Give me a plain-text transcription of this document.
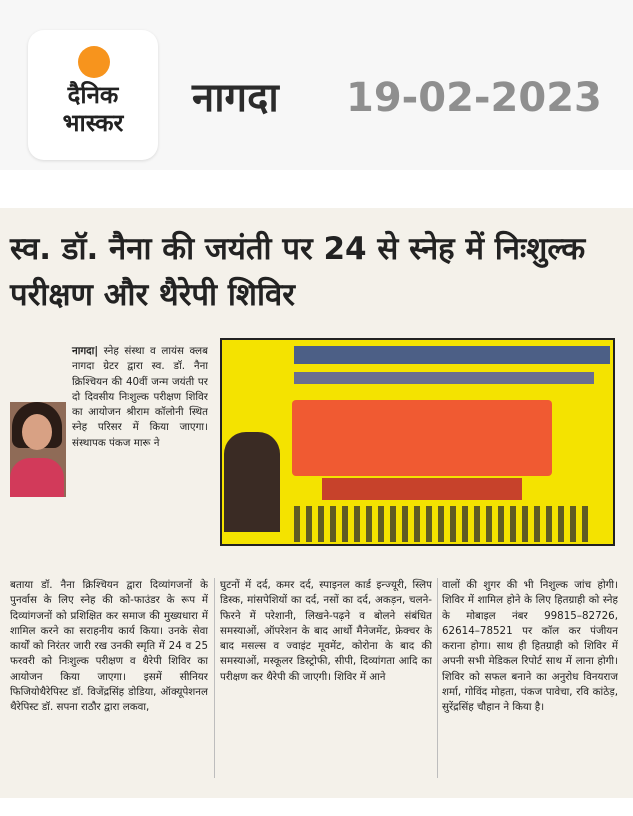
दैनिक
भास्कर
नागदा 19-02-2023
स्व. डॉ. नैना की जयंती पर 24 से स्नेह में निःशुल्क परीक्षण और थैरेपी शिविर
नागदा| स्नेह संस्था व लायंस क्लब नागदा ग्रेटर द्वारा स्व. डॉ. नैना क्रिश्चियन की 40वीं जन्म जयंती पर दो दिवसीय निःशुल्क परीक्षण शिविर का आयोजन श्रीराम कॉलोनी स्थित स्नेह परिसर में किया जाएगा। संस्थापक पंकज मारू ने
बताया डॉ. नैना क्रिश्चियन द्वारा दिव्यांगजनों के पुनर्वास के लिए स्नेह की को-फाउंडर के रूप में दिव्यांगजनों को प्रशिक्षित कर समाज की मुख्यधारा में शामिल करने का सराहनीय कार्य किया। उनके सेवा कार्यों को निरंतर जारी रख उनकी स्मृति में 24 व 25 फरवरी को निःशुल्क परीक्षण व थैरेपी शिविर का आयोजन किया जाएगा। इसमें सीनियर फिजियोथैरेपिस्ट डॉ. विजेंद्रसिंह डोडिया, ऑक्यूपेशनल थैरेपिस्ट डॉ. सपना राठौर द्वारा लकवा,
घुटनों में दर्द, कमर दर्द, स्पाइनल कार्ड इन्ज्यूरी, स्लिप डिस्क, मांसपेशियों का दर्द, नसों का दर्द, अकड़न, चलने-फिरने में परेशानी, लिखने-पढ़ने व बोलने संबंधित समस्याओं, ऑपरेशन के बाद आर्थो मैनेजमेंट, फ्रेक्चर के बाद मसल्स व ज्वाइंट मूवमेंट, कोरोना के बाद की समस्याओं, मस्कूलर डिस्ट्रोफी, सीपी, दिव्यांगता आदि का परीक्षण कर थैरेपी की जाएगी। शिविर में आने
वालों की शुगर की भी निशुल्क जांच होगी। शिविर में शामिल होने के लिए हितग्राही को स्नेह के मोबाइल नंबर 99815–82726, 62614–78521 पर कॉल कर पंजीयन कराना होगा। साथ ही हितग्राही को शिविर में अपनी सभी मेडिकल रिपोर्ट साथ में लाना होगी। शिविर को सफल बनाने का अनुरोध विनयराज शर्मा, गोविंद मोहता, पंकज पावेचा, रवि कांठेड़, सुरेंद्रसिंह चौहान ने किया है।
